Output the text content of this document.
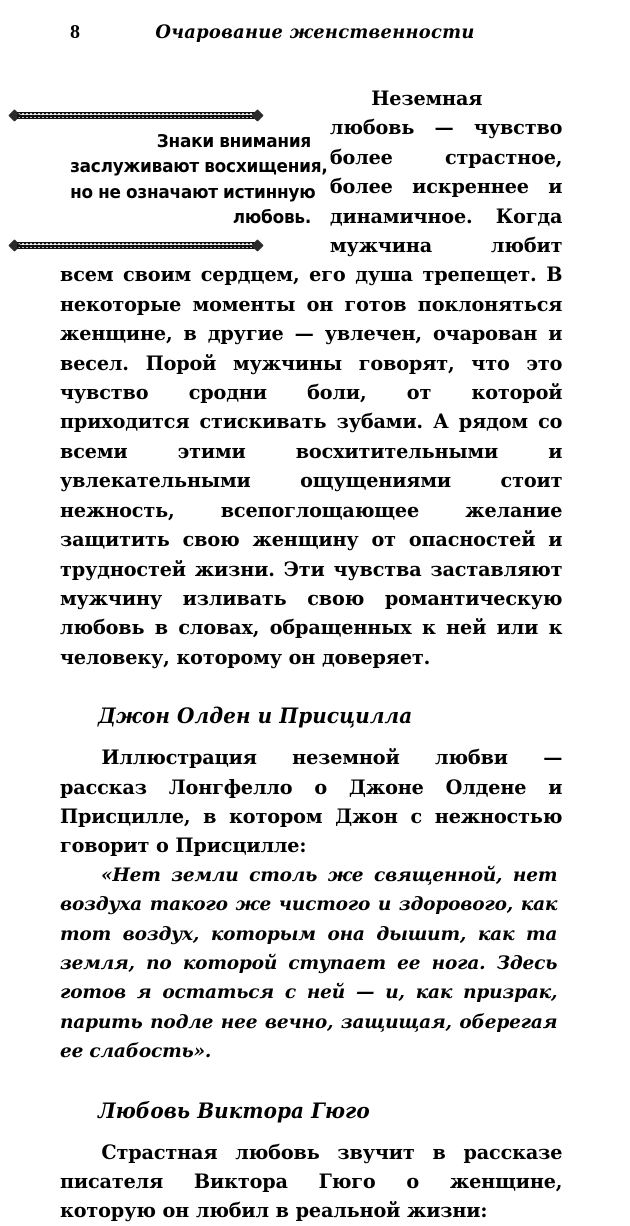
8	Очарование женственности
Знаки внимания
заслуживают восхищения,
но не означают истинную
любовь.

Неземная любовь — чувство более страстное, более искреннее и динамичное. Когда мужчина любит всем своим сердцем, его душа трепещет. В некоторые моменты он готов поклоняться женщине, в другие — увлечен, очарован и весел. Порой мужчины говорят, что это чувство сродни боли, от которой приходится стискивать зубами. А рядом со всеми этими восхитительными и увлекательными ощущениями стоит нежность, всепоглощающее желание защитить свою женщину от опасностей и трудностей жизни. Эти чувства заставляют мужчину изливать свою романтическую любовь в словах, обращенных к ней или к человеку, которому он доверяет.

Джон Олден и Присцилла

Иллюстрация неземной любви — рассказ Лонгфелло о Джоне Олдене и Присцилле, в котором Джон с нежностью говорит о Присцилле:

«Нет земли столь же священной, нет воздуха такого же чистого и здорового, как тот воздух, которым она дышит, как та земля, по которой ступает ее нога. Здесь готов я остаться с ней — и, как призрак, парить подле нее вечно, защищая, оберегая ее слабость».

Любовь Виктора Гюго

Страстная любовь звучит в рассказе писателя Виктора Гюго о женщине, которую он любил в реальной жизни:
